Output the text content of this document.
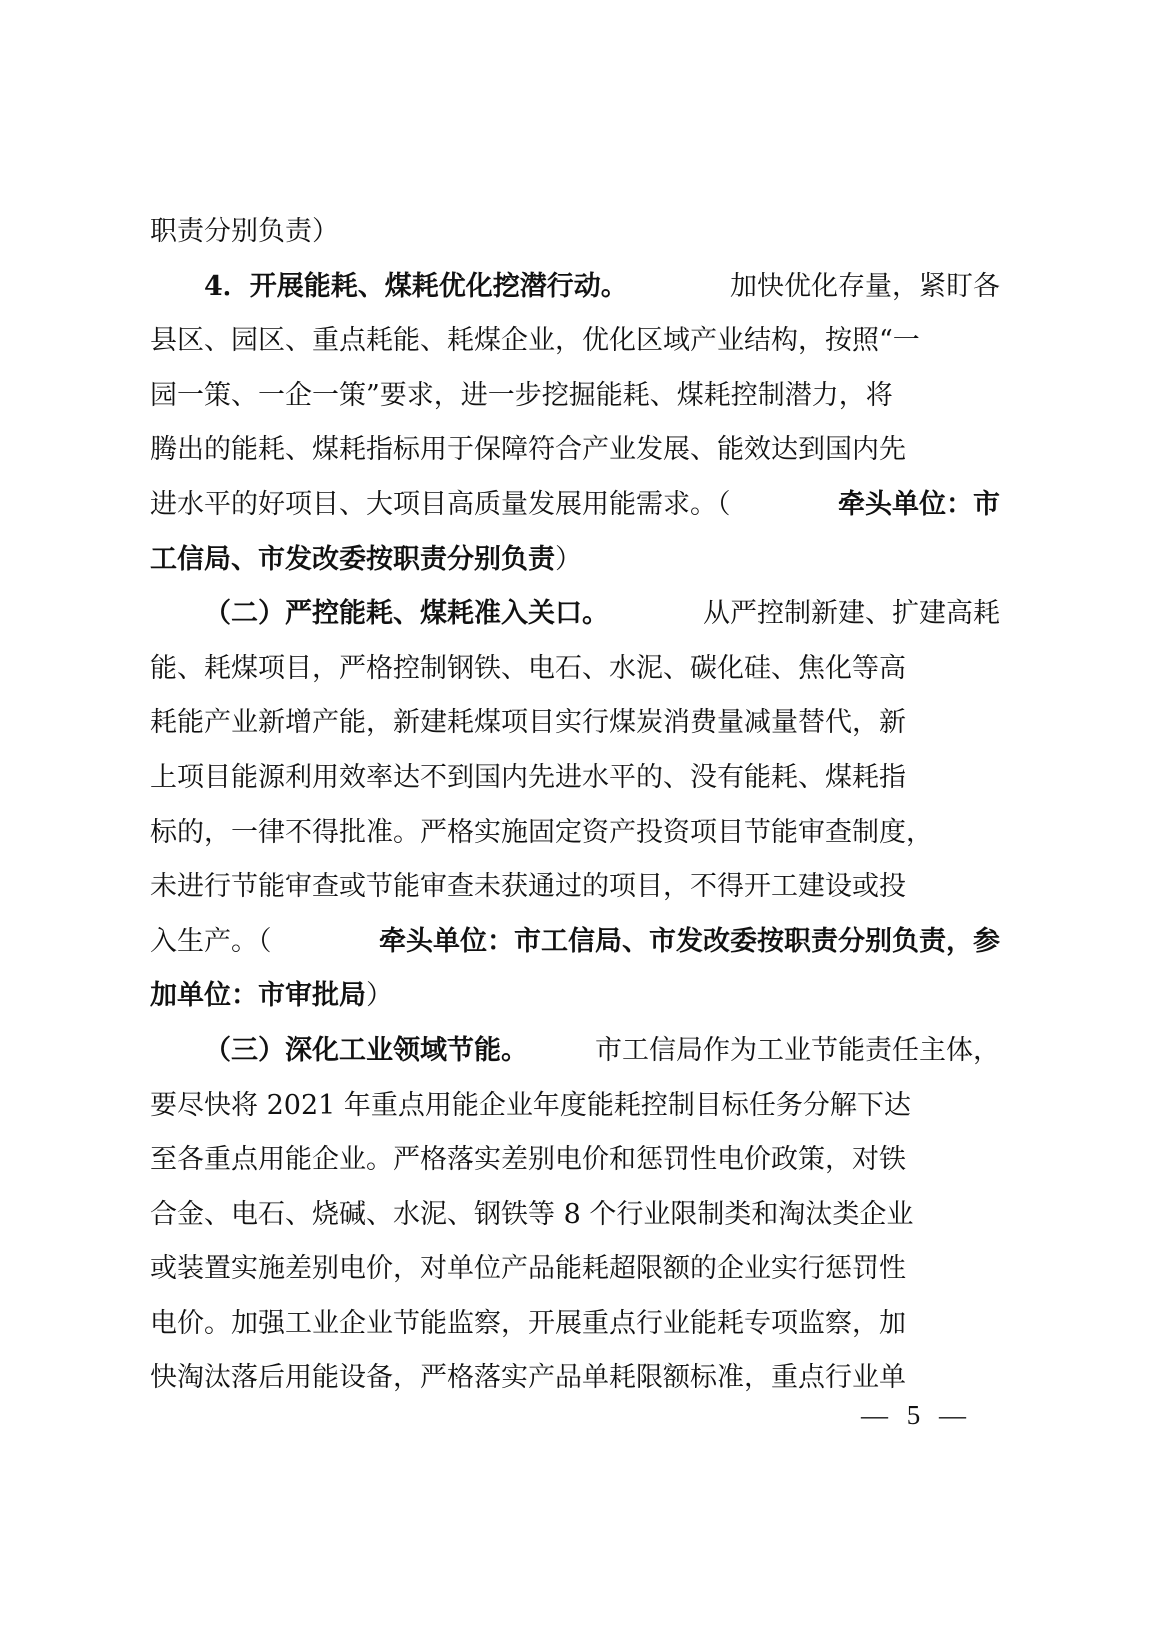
职责分别负责）
4．开展能耗、煤耗优化挖潜行动。	加快优化存量，紧盯各
县区、园区、重点耗能、耗煤企业，优化区域产业结构，按照“一
园一策、一企一策”要求，进一步挖掘能耗、煤耗控制潜力，将
腾出的能耗、煤耗指标用于保障符合产业发展、能效达到国内先
进水平的好项目、大项目高质量发展用能需求。（	牵头单位：市
工信局、市发改委按职责分别负责 ）
（二）严控能耗、煤耗准入关口。	从严控制新建、扩建高耗
能、耗煤项目，严格控制钢铁、电石、水泥、碳化硅、焦化等高
耗能产业新增产能，新建耗煤项目实行煤炭消费量减量替代，新
上项目能源利用效率达不到国内先进水平的、没有能耗、煤耗指
标的，一律不得批准。严格实施固定资产投资项目节能审查制度，
未进行节能审查或节能审查未获通过的项目，不得开工建设或投
入生产。（	牵头单位：市工信局、市发改委按职责分别负责，参
加单位：市审批局 ）
（三）深化工业领域节能。 市工信局作为工业节能责任主体，
要尽快将 2021 年重点用能企业年度能耗控制目标任务分解下达
至各重点用能企业。严格落实差别电价和惩罚性电价政策，对铁
合金、电石、烧碱、水泥、钢铁等 8 个行业限制类和淘汰类企业
或装置实施差别电价，对单位产品能耗超限额的企业实行惩罚性
电价。加强工业企业节能监察，开展重点行业能耗专项监察，加
快淘汰落后用能设备，严格落实产品单耗限额标准，重点行业单
— 5 —
